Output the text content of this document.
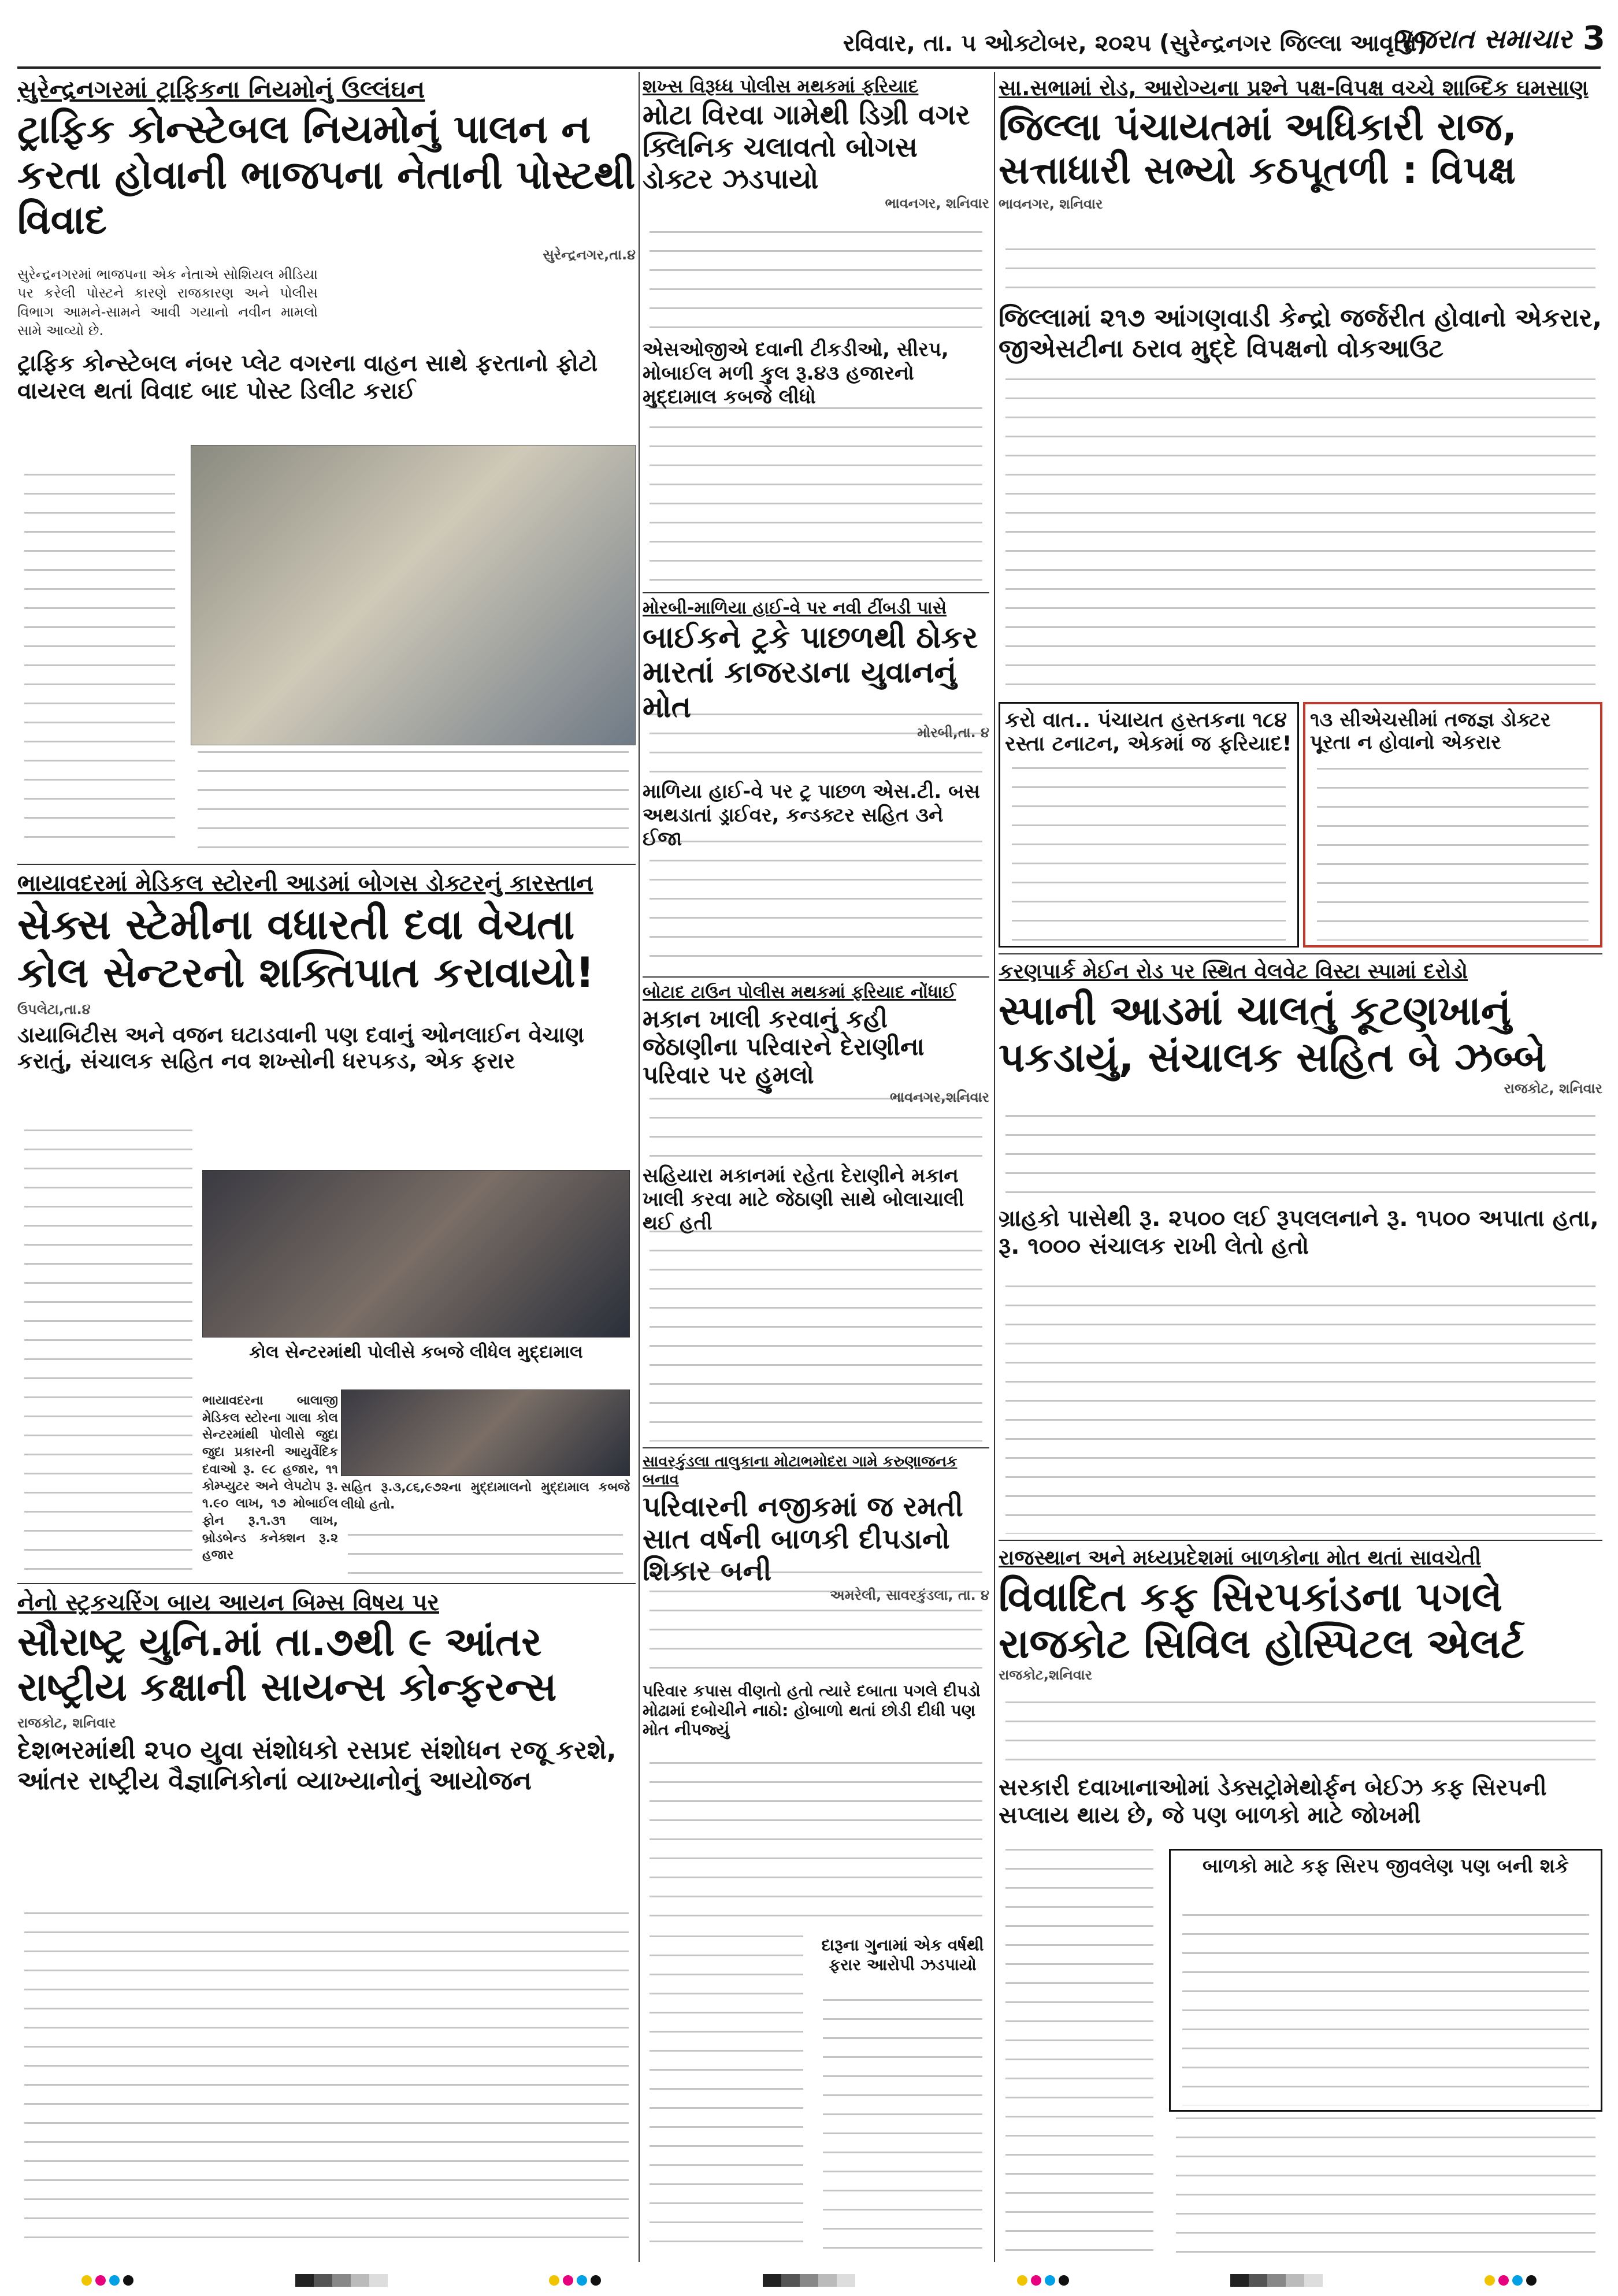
રવિવાર, તા. ૫ ઓક્ટોબર, ૨૦૨૫ (સુરેન્દ્રનગર જિલ્લા આવૃત્તિ)
ગુજરાત સમાચાર 3
સુરેન્દ્રનગરમાં ટ્રાફિકના નિયમોનું ઉલ્લંઘન
ટ્રાફિક કોન્સ્ટેબલ નિયમોનું પાલન ન કરતા હોવાની ભાજપના નેતાની પોસ્ટથી વિવાદ
સુરેન્દ્રનગર,તા.૪
સુરેન્દ્રનગરમાં ભાજપના એક નેતાએ સોશિયલ મીડિયા પર કરેલી પોસ્ટને કારણે રાજકારણ અને પોલીસ વિભાગ આમને-સામને આવી ગયાનો નવીન મામલો સામે આવ્યો છે.
ટ્રાફિક કોન્સ્ટેબલ નંબર પ્લેટ વગરના વાહન સાથે ફરતાનો ફોટો વાયરલ થતાં વિવાદ બાદ પોસ્ટ ડિલીટ કરાઈ
ભાયાવદરમાં મેડિકલ સ્ટોરની આડમાં બોગસ ડોક્ટરનું કારસ્તાન
સેક્સ સ્ટેમીના વધારતી દવા વેચતા કોલ સેન્ટરનો શક્તિપાત કરાવાયો!
ઉપલેટા,તા.૪
ડાયાબિટીસ અને વજન ઘટાડવાની પણ દવાનું ઓનલાઈન વેચાણ કરાતું, સંચાલક સહિત નવ શખ્સોની ધરપકડ, એક ફરાર
કોલ સેન્ટરમાંથી પોલીસે કબજે લીધેલ મુદ્દામાલ
ભાયાવદરના બાલાજી મેડિકલ સ્ટોરના ગાલા કોલ સેન્ટરમાંથી પોલીસે જુદા જુદા પ્રકારની આયુર્વેદિક દવાઓ રૂ. ૯૮ હજાર, ૧૧ કોમ્પ્યુટર અને લેપટોપ રૂ. ૧.૯૦ લાખ, ૧૭ મોબાઈલ ફોન રૂ.૧.૩૧ લાખ, બ્રોડબેન્ડ કનેક્શન રૂ.૨ હજાર
સહિત રૂ.૩,૮૬,૯૭૨ના મુદ્દામાલનો મુદ્દામાલ કબજે લીધો હતો.
નેનો સ્ટ્રકચરિંગ બાય આયન બિમ્સ વિષય પર
સૌરાષ્ટ્ર યુનિ.માં તા.૭થી ૯ આંતર રાષ્ટ્રીય કક્ષાની સાયન્સ કોન્ફરન્સ
રાજકોટ, શનિવાર
દેશભરમાંથી ૨૫૦ યુવા સંશોધકો રસપ્રદ સંશોધન રજૂ કરશે, આંતર રાષ્ટ્રીય વૈજ્ઞાનિકોનાં વ્યાખ્યાનોનું આયોજન
શખ્સ વિરૂધ્ધ પોલીસ મથકમાં ફરિયાદ
મોટા વિરવા ગામેથી ડિગ્રી વગર ક્લિનિક ચલાવતો બોગસ ડોક્ટર ઝડપાયો
ભાવનગર, શનિવાર
એસઓજીએ દવાની ટીકડીઓ, સીરપ, મોબાઈલ મળી કુલ રૂ.૪૩ હજારનો મુદ્દામાલ કબજે લીધો
મોરબી-માળિયા હાઈ-વે પર નવી ટીંબડી પાસે
બાઈકને ટ્રકે પાછળથી ઠોકર મારતાં કાજરડાના યુવાનનું મોત
મોરબી,તા. ૪
માળિયા હાઈ-વે પર ટ્ર પાછળ એસ.ટી. બસ અથડાતાં ડ્રાઈવર, કન્ડક્ટર સહિત ૩ને ઈજા
બોટાદ ટાઉન પોલીસ મથકમાં ફરિયાદ નોંધાઈ
મકાન ખાલી કરવાનું કહી જેઠાણીના પરિવારને દેરાણીના પરિવાર પર હુમલો
ભાવનગર,શનિવાર
સહિયારા મકાનમાં રહેતા દેરાણીને મકાન ખાલી કરવા માટે જેઠાણી સાથે બોલાચાલી થઈ હતી
સાવરકુંડલા તાલુકાના મોટાભમોદરા ગામે કરુણાજનક બનાવ
પરિવારની નજીકમાં જ રમતી સાત વર્ષની બાળકી દીપડાનો શિકાર બની
અમરેલી, સાવરકુંડલા, તા. ૪
પરિવાર કપાસ વીણતો હતો ત્યારે દબાતા પગલે દીપડો મોઢામાં દબોચીને નાઠો: હોબાળો થતાં છોડી દીધી પણ મોત નીપજ્યું
દારૂના ગુનામાં એક વર્ષથી ફરાર આરોપી ઝડપાયો
સા.સભામાં રોડ, આરોગ્યના પ્રશ્ને પક્ષ-વિપક્ષ વચ્ચે શાબ્દિક ઘમસાણ
જિલ્લા પંચાયતમાં અધિકારી રાજ, સત્તાધારી સભ્યો કઠપૂતળી : વિપક્ષ
ભાવનગર, શનિવાર
જિલ્લામાં ૨૧૭ આંગણવાડી કેન્દ્રો જર્જરીત હોવાનો એકરાર, જીએસટીના ઠરાવ મુદ્દે વિપક્ષનો વોકઆઉટ
કરો વાત.. પંચાયત હસ્તકના ૧૮૪ રસ્તા ટનાટન, એકમાં જ ફરિયાદ!
૧૩ સીએચસીમાં તજજ્ઞ ડોક્ટર પૂરતા ન હોવાનો એકરાર
કરણપાર્ક મેઈન રોડ પર સ્થિત વેલવેટ વિસ્ટા સ્પામાં દરોડો
સ્પાની આડમાં ચાલતું કૂટણખાનું પકડાયું, સંચાલક સહિત બે ઝબ્બે
રાજકોટ, શનિવાર
ગ્રાહકો પાસેથી રૂ. ૨૫૦૦ લઈ રૂપલલનાને રૂ. ૧૫૦૦ અપાતા હતા, રૂ. ૧૦૦૦ સંચાલક રાખી લેતો હતો
રાજસ્થાન અને મધ્યપ્રદેશમાં બાળકોના મોત થતાં સાવચેતી
વિવાદિત કફ સિરપકાંડના પગલે રાજકોટ સિવિલ હોસ્પિટલ એલર્ટ
રાજકોટ,શનિવાર
સરકારી દવાખાનાઓમાં ડેક્સટ્રોમેથોર્ફન બેઈઝ કફ સિરપની સપ્લાય થાય છે, જે પણ બાળકો માટે જોખમી
બાળકો માટે કફ સિરપ જીવલેણ પણ બની શકે
